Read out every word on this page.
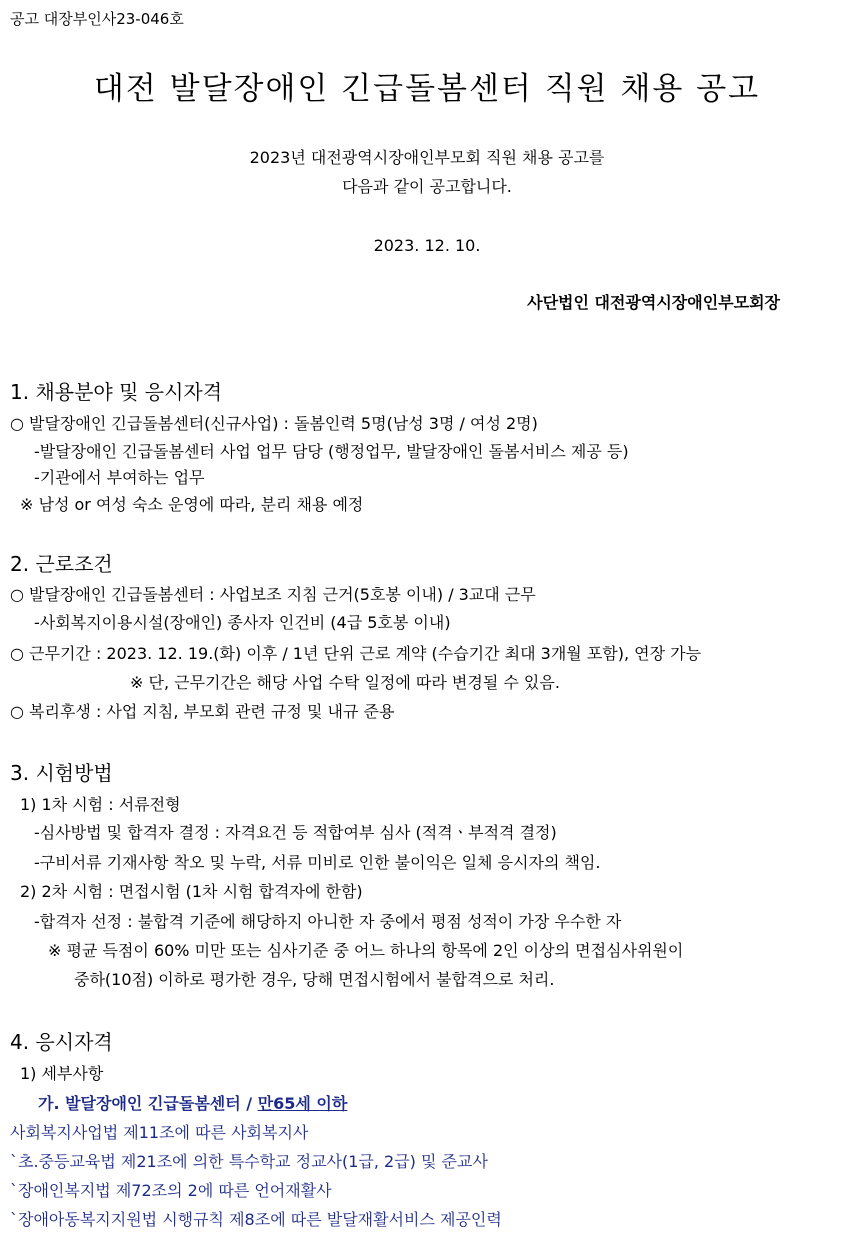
공고 대장부인사23-046호
대전 발달장애인 긴급돌봄센터 직원 채용 공고
2023년 대전광역시장애인부모회 직원 채용 공고를
다음과 같이 공고합니다.
2023. 12. 10.
사단법인 대전광역시장애인부모회장
1. 채용분야 및 응시자격
○ 발달장애인 긴급돌봄센터(신규사업) : 돌봄인력 5명(남성 3명 / 여성 2명)
-발달장애인 긴급돌봄센터 사업 업무 담당 (행정업무, 발달장애인 돌봄서비스 제공 등)
-기관에서 부여하는 업무
※ 남성 or 여성 숙소 운영에 따라, 분리 채용 예정
2. 근로조건
○ 발달장애인 긴급돌봄센터 : 사업보조 지침 근거(5호봉 이내) / 3교대 근무
-사회복지이용시설(장애인) 종사자 인건비 (4급 5호봉 이내)
○ 근무기간 : 2023. 12. 19.(화) 이후 / 1년 단위 근로 계약 (수습기간 최대 3개월 포함), 연장 가능
※ 단, 근무기간은 해당 사업 수탁 일정에 따라 변경될 수 있음.
○ 복리후생 : 사업 지침, 부모회 관련 규정 및 내규 준용
3. 시험방법
1) 1차 시험 : 서류전형
-심사방법 및 합격자 결정 : 자격요건 등 적합여부 심사 (적격ㆍ부적격 결정)
-구비서류 기재사항 착오 및 누락, 서류 미비로 인한 불이익은 일체 응시자의 책임.
2) 2차 시험 : 면접시험 (1차 시험 합격자에 한함)
-합격자 선정 : 불합격 기준에 해당하지 아니한 자 중에서 평점 성적이 가장 우수한 자
※ 평균 득점이 60% 미만 또는 심사기준 중 어느 하나의 항목에 2인 이상의 면접심사위원이
중하(10점) 이하로 평가한 경우, 당해 면접시험에서 불합격으로 처리.
4. 응시자격
1) 세부사항
가. 발달장애인 긴급돌봄센터 / 만65세 이하
사회복지사업법 제11조에 따른 사회복지사
`초.중등교육법 제21조에 의한 특수학교 정교사(1급, 2급) 및 준교사
`장애인복지법 제72조의 2에 따른 언어재활사
`장애아동복지지원법 시행규칙 제8조에 따른 발달재활서비스 제공인력
